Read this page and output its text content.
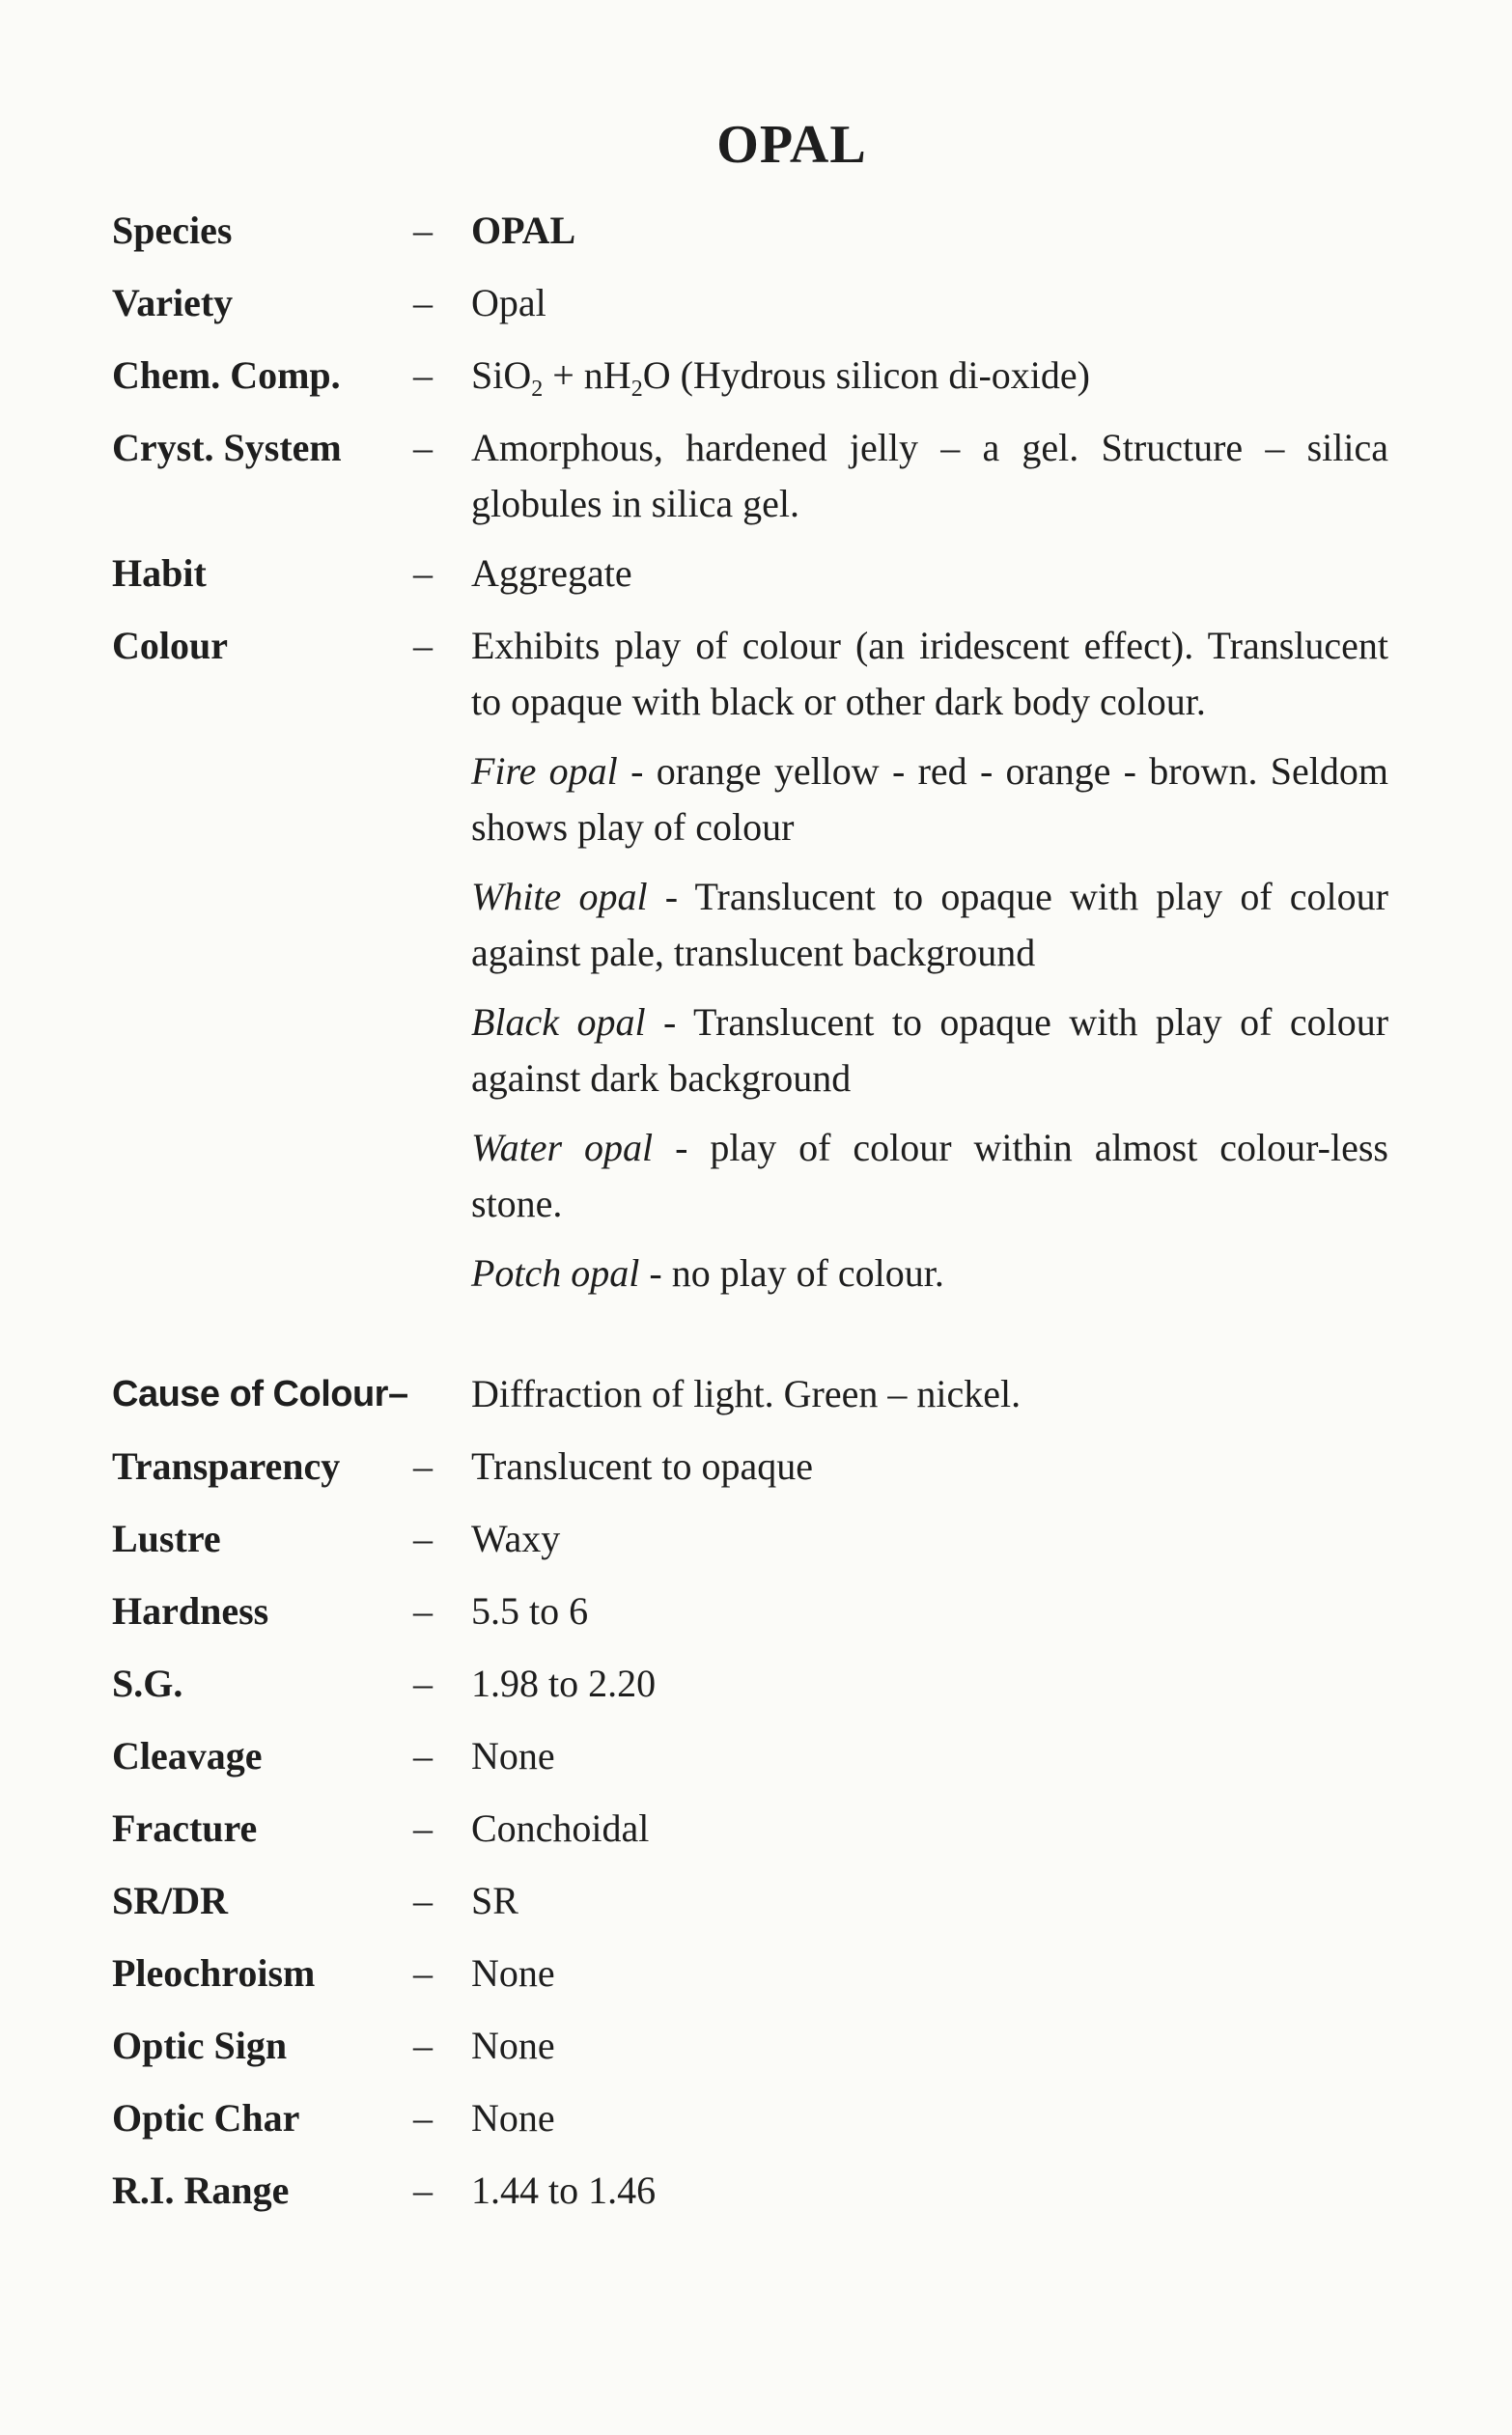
OPAL
Species	– OPAL
Variety	– Opal
Chem. Comp. – $SiO_2 + nH_2O$ (Hydrous silicon di-oxide)
Cryst. System – Amorphous, hardened jelly – a gel. Structure – silica globules in silica gel.
Habit	– Aggregate
Colour	– Exhibits play of colour (an iridescent effect). Translucent to opaque with black or other dark body colour.

Fire opal - orange yellow - red - orange - brown. Seldom shows play of colour

White opal - Translucent to opaque with play of colour against pale, translucent background

Black opal - Translucent to opaque with play of colour against dark background

Water opal - play of colour within almost colour-less stone.

Potch opal - no play of colour.

Cause of Colour– Diffraction of light. Green – nickel.
Transparency – Translucent to opaque
Lustre	– Waxy
Hardness	– 5.5 to 6
S.G.	– 1.98 to 2.20
Cleavage	– None
Fracture	– Conchoidal
SR/DR	– SR
Pleochroism	– None
Optic Sign	– None
Optic Char	– None
R.I. Range	– 1.44 to 1.46
